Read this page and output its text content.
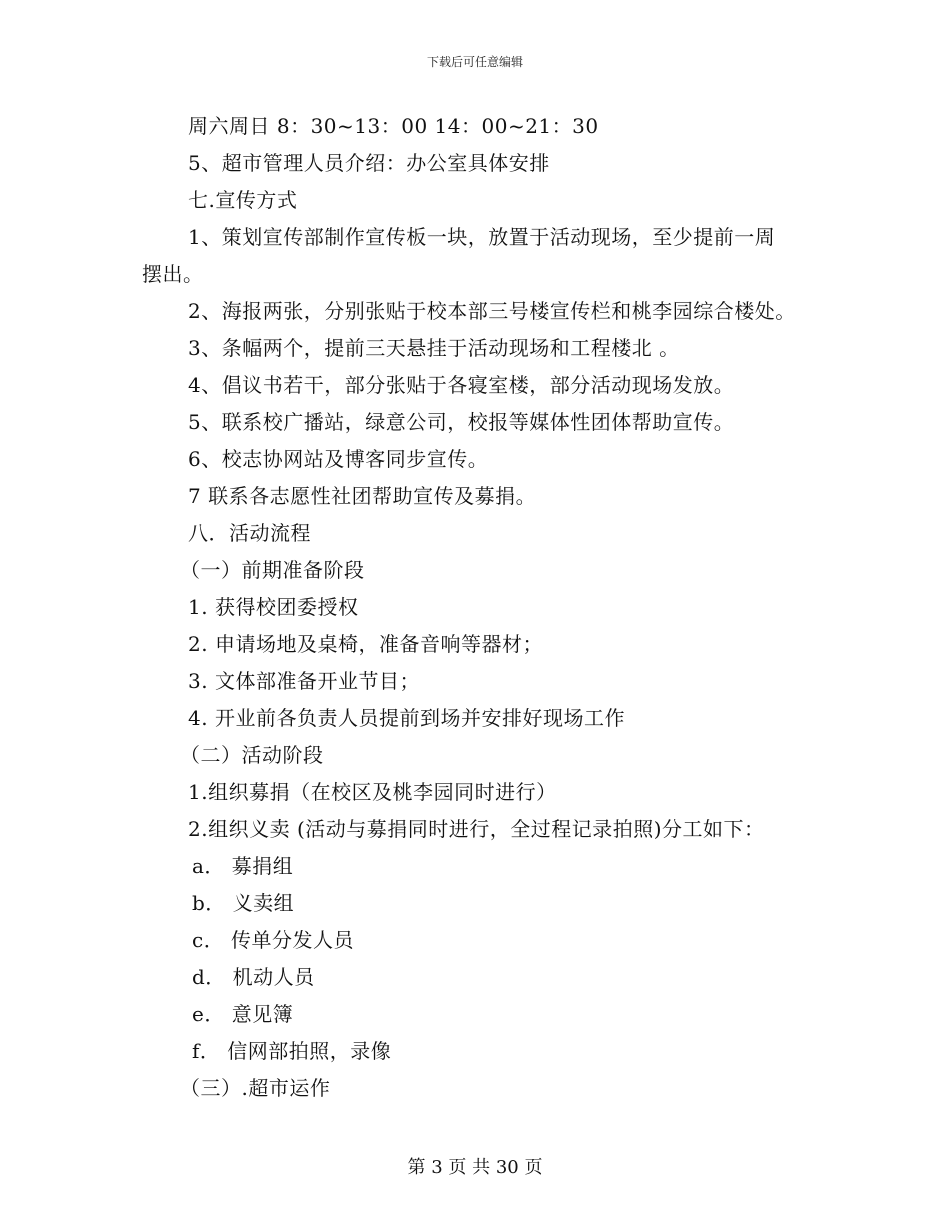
下载后可任意编辑
周六周日 8：30~13：00 14：00~21：30
5、超市管理人员介绍：办公室具体安排
七.宣传方式
1、策划宣传部制作宣传板一块，放置于活动现场，至少提前一周
摆出。
2、海报两张，分别张贴于校本部三号楼宣传栏和桃李园综合楼处。
3、条幅两个，提前三天悬挂于活动现场和工程楼北 。
4、倡议书若干，部分张贴于各寝室楼，部分活动现场发放。
5、联系校广播站，绿意公司，校报等媒体性团体帮助宣传。
6、校志协网站及博客同步宣传。
7 联系各志愿性社团帮助宣传及募捐。
八．活动流程
（一）前期准备阶段
1. 获得校团委授权
2. 申请场地及桌椅，准备音响等器材；
3. 文体部准备开业节目；
4. 开业前各负责人员提前到场并安排好现场工作
（二）活动阶段
1.组织募捐（在校区及桃李园同时进行）
2.组织义卖 (活动与募捐同时进行，全过程记录拍照)分工如下：
a． 募捐组
b． 义卖组
c． 传单分发人员
d． 机动人员
e． 意见簿
f． 信网部拍照，录像
（三）.超市运作
第 3 页 共 30 页
